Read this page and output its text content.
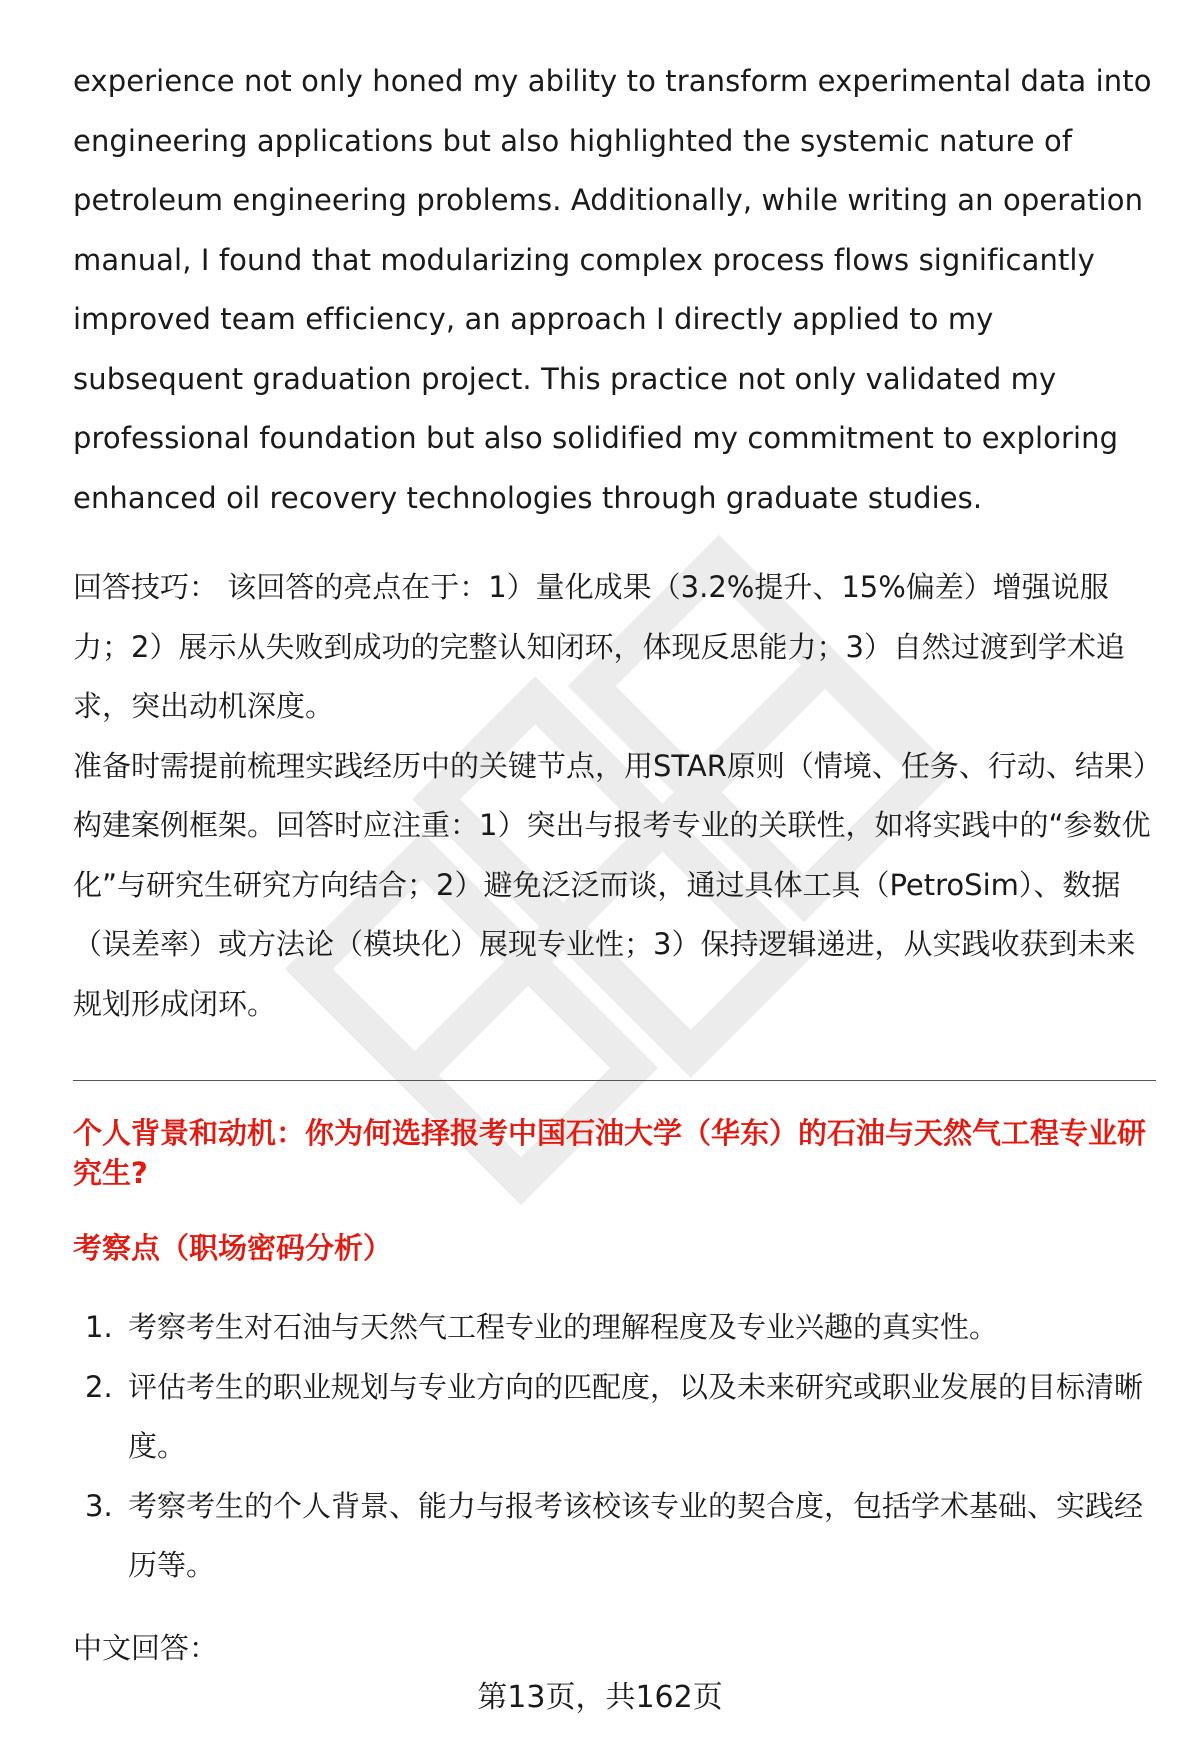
experience not only honed my ability to transform experimental data into engineering applications but also highlighted the systemic nature of petroleum engineering problems. Additionally, while writing an operation manual, I found that modularizing complex process flows significantly improved team efficiency, an approach I directly applied to my subsequent graduation project. This practice not only validated my professional foundation but also solidified my commitment to exploring enhanced oil recovery technologies through graduate studies.

回答技巧： 该回答的亮点在于：1）量化成果（3.2%提升、15%偏差）增强说服力；2）展示从失败到成功的完整认知闭环，体现反思能力；3）自然过渡到学术追求，突出动机深度。

准备时需提前梳理实践经历中的关键节点，用STAR原则（情境、任务、行动、结果）构建案例框架。回答时应注重：1）突出与报考专业的关联性，如将实践中的“参数优化”与研究生研究方向结合；2）避免泛泛而谈，通过具体工具（PetroSim）、数据（误差率）或方法论（模块化）展现专业性；3）保持逻辑递进，从实践收获到未来规划形成闭环。

个人背景和动机：你为何选择报考中国石油大学（华东）的石油与天然气工程专业研究生?
考察点（职场密码分析）
1. 考察考生对石油与天然气工程专业的理解程度及专业兴趣的真实性。
2. 评估考生的职业规划与专业方向的匹配度，以及未来研究或职业发展的目标清晰度。
3. 考察考生的个人背景、能力与报考该校该专业的契合度，包括学术基础、实践经历等。

中文回答：

第13页，共162页
